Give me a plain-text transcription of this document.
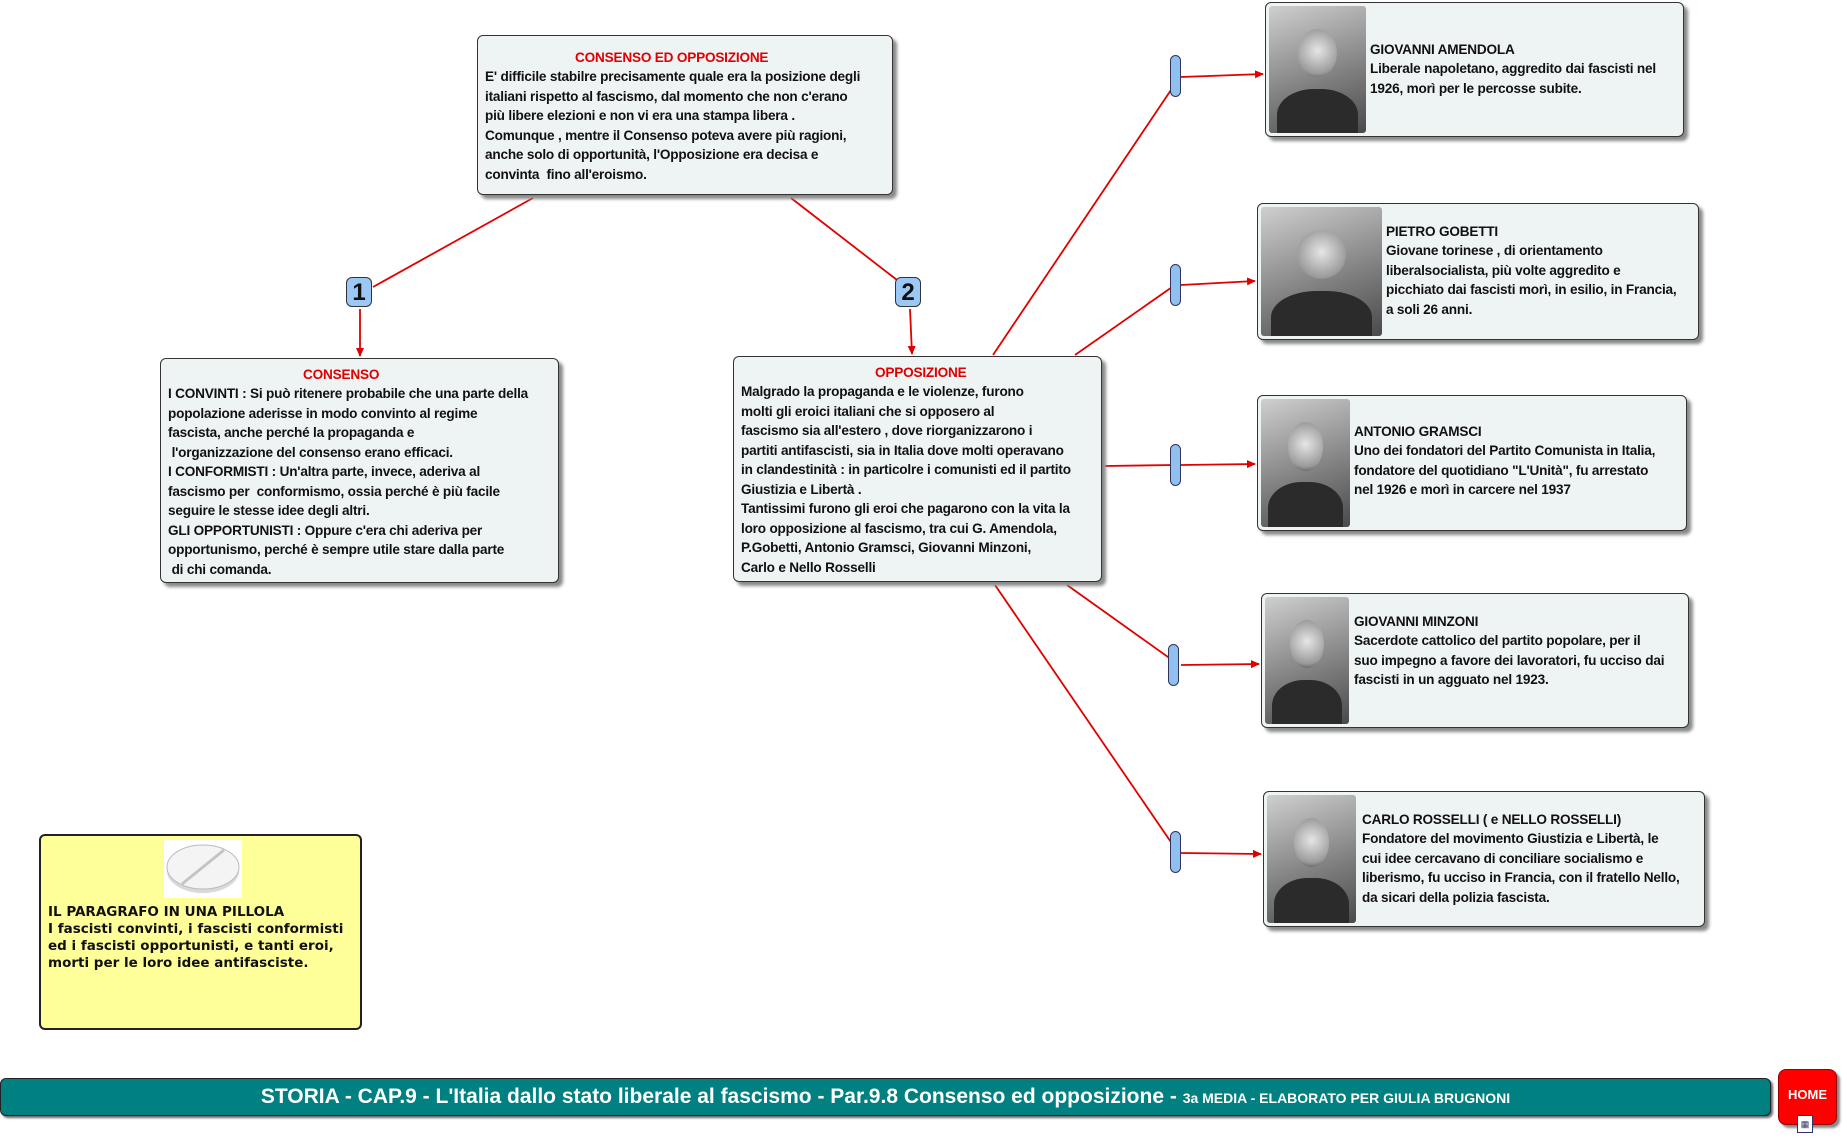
CONSENSO ED OPPOSIZIONE
E' difficile stabilre precisamente quale era la posizione degli
italiani rispetto al fascismo, dal momento che non c'erano
più libere elezioni e non vi era una stampa libera .
Comunque , mentre il Consenso poteva avere più ragioni,
anche solo di opportunità, l'Opposizione era decisa e
convinta  fino all'eroismo.
1	2
CONSENSO
I CONVINTI : Si può ritenere probabile che una parte della
popolazione aderisse in modo convinto al regime
fascista, anche perché la propaganda e
l'organizzazione del consenso erano efficaci.
I CONFORMISTI : Un'altra parte, invece, aderiva al
fascismo per  conformismo, ossia perché è più facile
seguire le stesse idee degli altri.
GLI OPPORTUNISTI : Oppure c'era chi aderiva per
opportunismo, perché è sempre utile stare dalla parte
di chi comanda.
OPPOSIZIONE
Malgrado la propaganda e le violenze, furono
molti gli eroici italiani che si opposero al
fascismo sia all'estero , dove riorganizzarono i
partiti antifascisti, sia in Italia dove molti operavano
in clandestinità : in particolre i comunisti ed il partito
Giustizia e Libertà .
Tantissimi furono gli eroi che pagarono con la vita la
loro opposizione al fascismo, tra cui G. Amendola,
P.Gobetti, Antonio Gramsci, Giovanni Minzoni,
Carlo e Nello Rosselli
GIOVANNI AMENDOLA
Liberale napoletano, aggredito dai fascisti nel
1926, morì per le percosse subite.
PIETRO GOBETTI
Giovane torinese , di orientamento
liberalsocialista, più volte aggredito e
picchiato dai fascisti morì, in esilio, in Francia,
a soli 26 anni.
ANTONIO GRAMSCI
Uno dei fondatori del Partito Comunista in Italia,
fondatore del quotidiano "L'Unità", fu arrestato
nel 1926 e morì in carcere nel 1937
GIOVANNI MINZONI
Sacerdote cattolico del partito popolare, per il
suo impegno a favore dei lavoratori, fu ucciso dai
fascisti in un agguato nel 1923.
CARLO ROSSELLI ( e NELLO ROSSELLI)
Fondatore del movimento Giustizia e Libertà, le
cui idee cercavano di conciliare socialismo e
liberismo, fu ucciso in Francia, con il fratello Nello,
da sicari della polizia fascista.
IL PARAGRAFO IN UNA PILLOLA
I fascisti convinti, i fascisti conformisti
ed i fascisti opportunisti, e tanti eroi,
morti per le loro idee antifasciste.
STORIA - CAP.9 - L'Italia dallo stato liberale al fascismo - Par.9.8 Consenso ed opposizione - 3a MEDIA - ELABORATO PER GIULIA BRUGNONI	HOME
▦
